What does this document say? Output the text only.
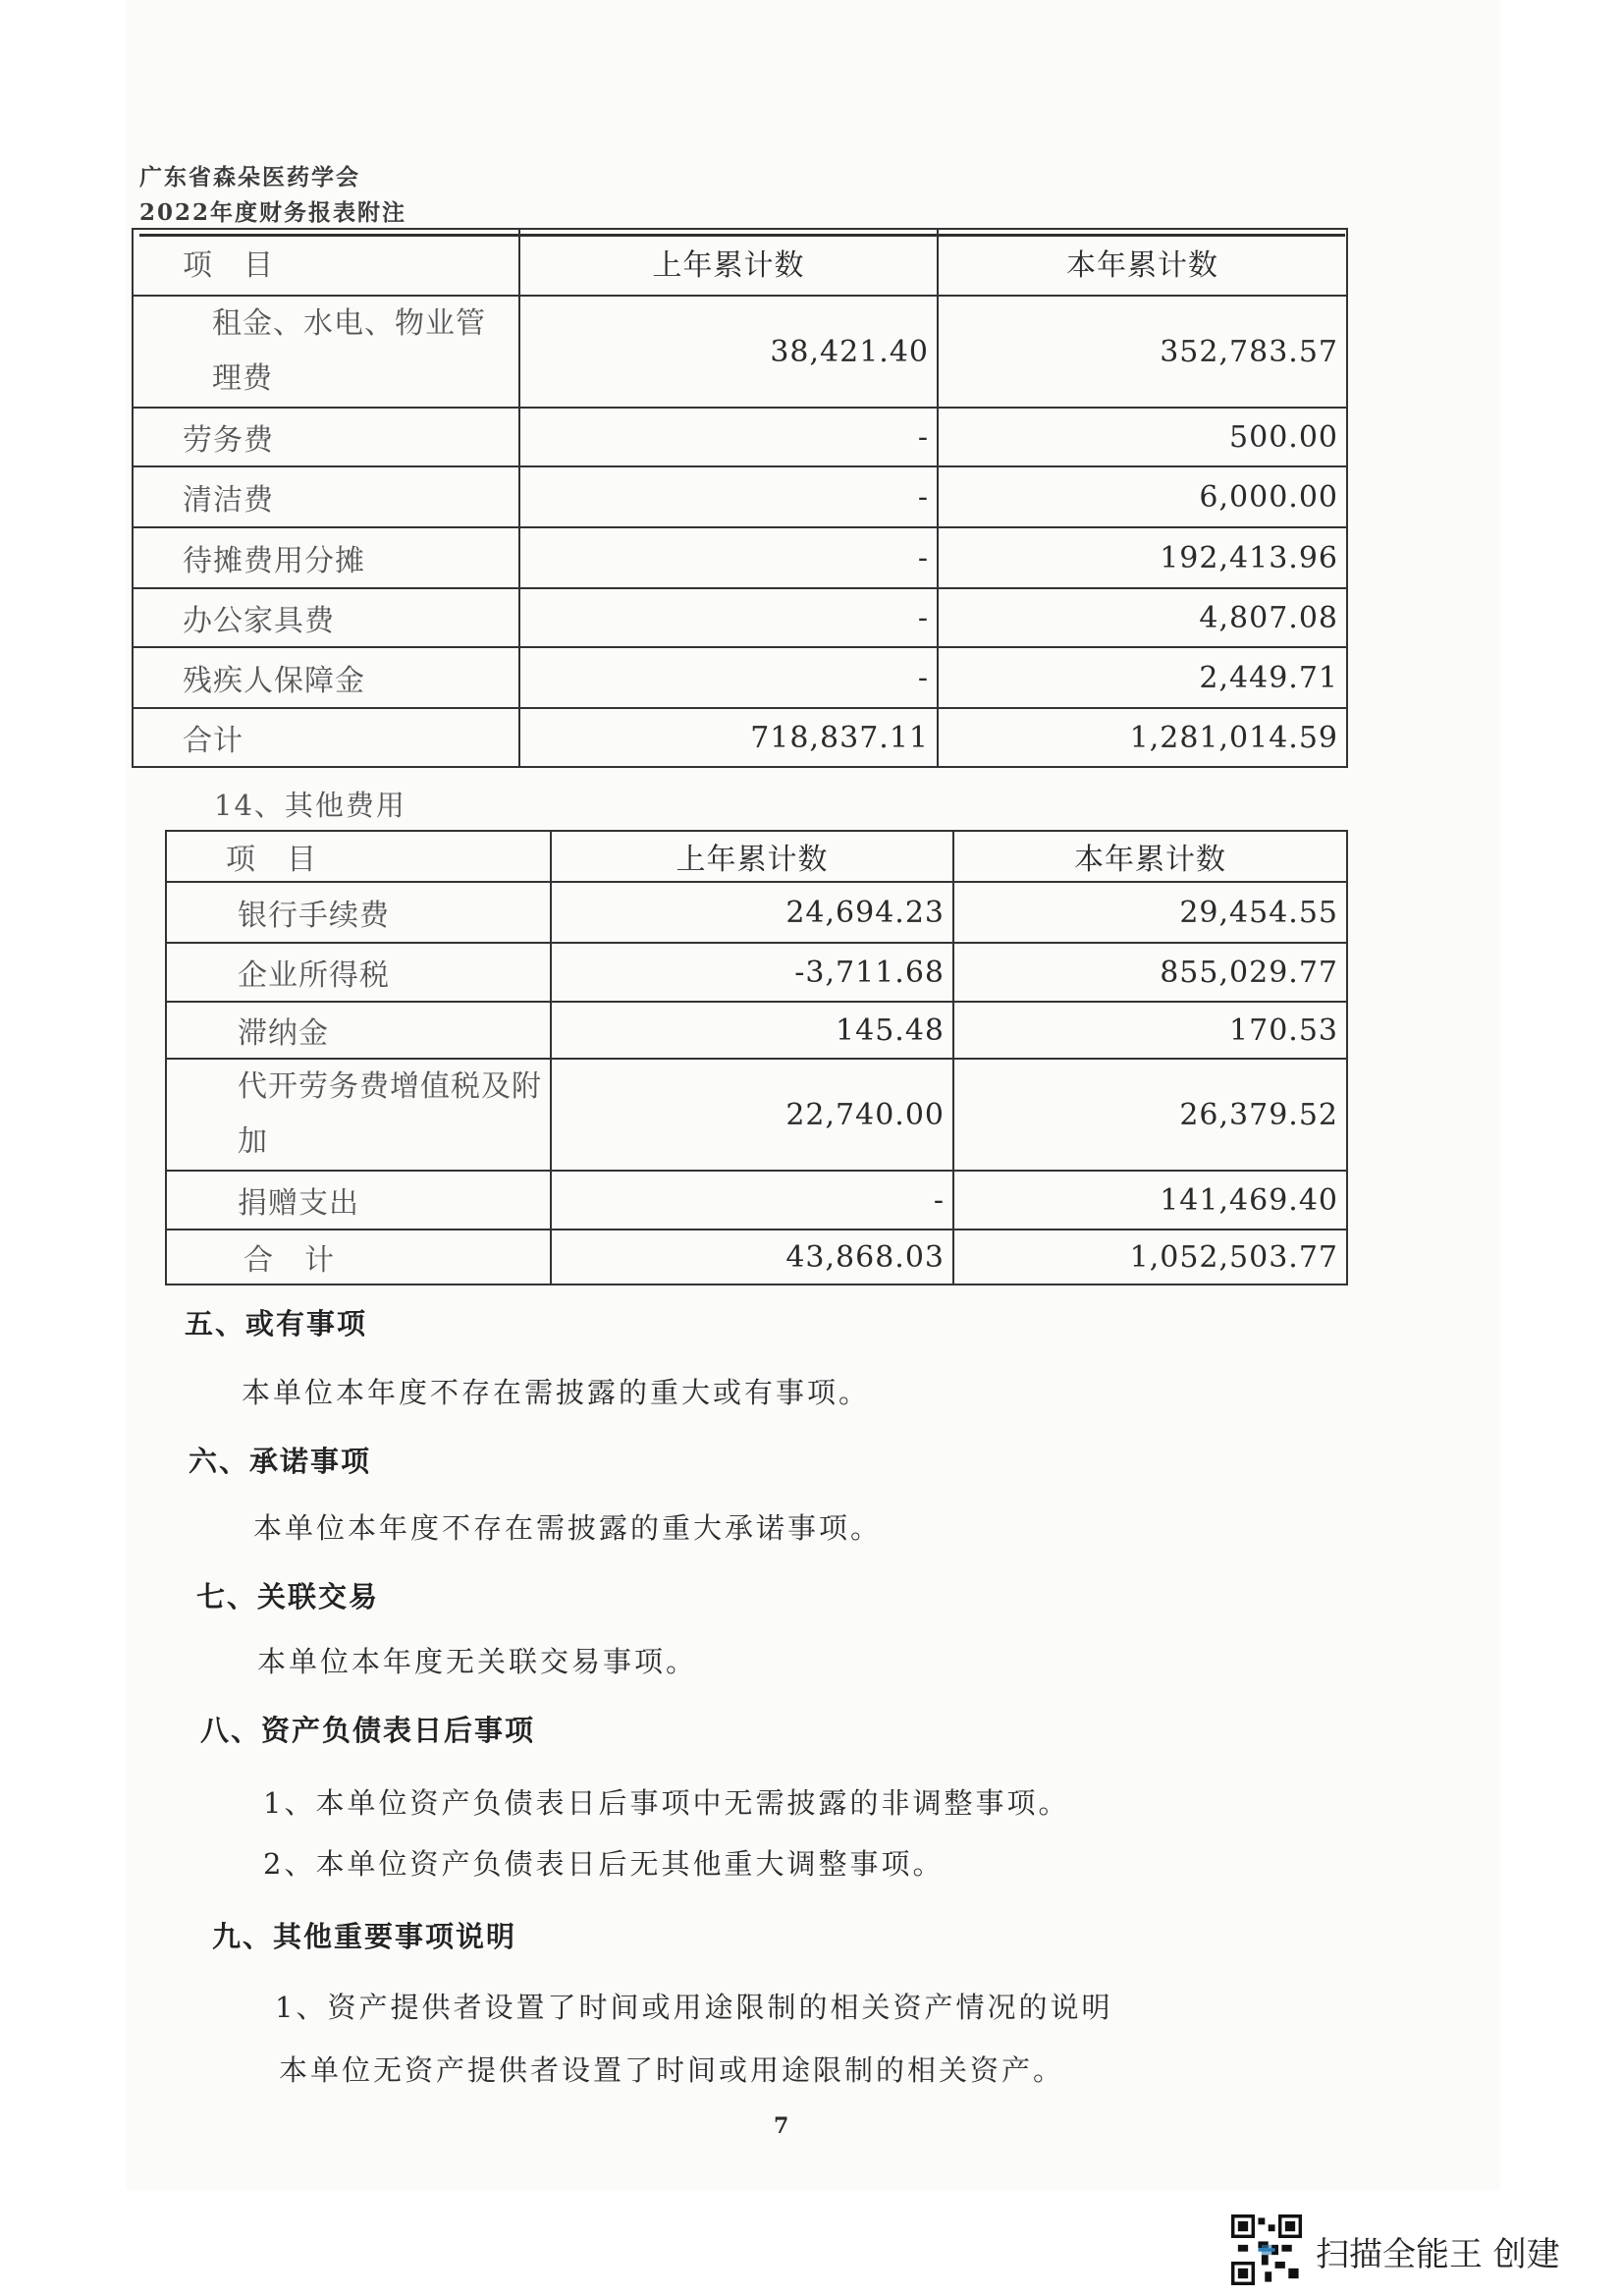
广东省森朵医药学会
2022年度财务报表附注
项　目	上年累计数	本年累计数
租金、水电、物业管理费	38,421.40	352,783.57
劳务费	-	500.00
清洁费	-	6,000.00
待摊费用分摊	-	192,413.96
办公家具费	-	4,807.08
残疾人保障金	-	2,449.71
合计	718,837.11	1,281,014.59
14、其他费用
项　目	上年累计数	本年累计数
银行手续费	24,694.23	29,454.55
企业所得税	-3,711.68	855,029.77
滞纳金	145.48	170.53

代开劳务费增值税及附加	22,740.00	26,379.52
捐赠支出	-	141,469.40
合　计	43,868.03	1,052,503.77
五、或有事项
本单位本年度不存在需披露的重大或有事项。
六、承诺事项
本单位本年度不存在需披露的重大承诺事项。
七、关联交易
本单位本年度无关联交易事项。
八、资产负债表日后事项
1、本单位资产负债表日后事项中无需披露的非调整事项。
2、本单位资产负债表日后无其他重大调整事项。
九、其他重要事项说明
1、资产提供者设置了时间或用途限制的相关资产情况的说明
本单位无资产提供者设置了时间或用途限制的相关资产。
7
扫描全能王 创建
